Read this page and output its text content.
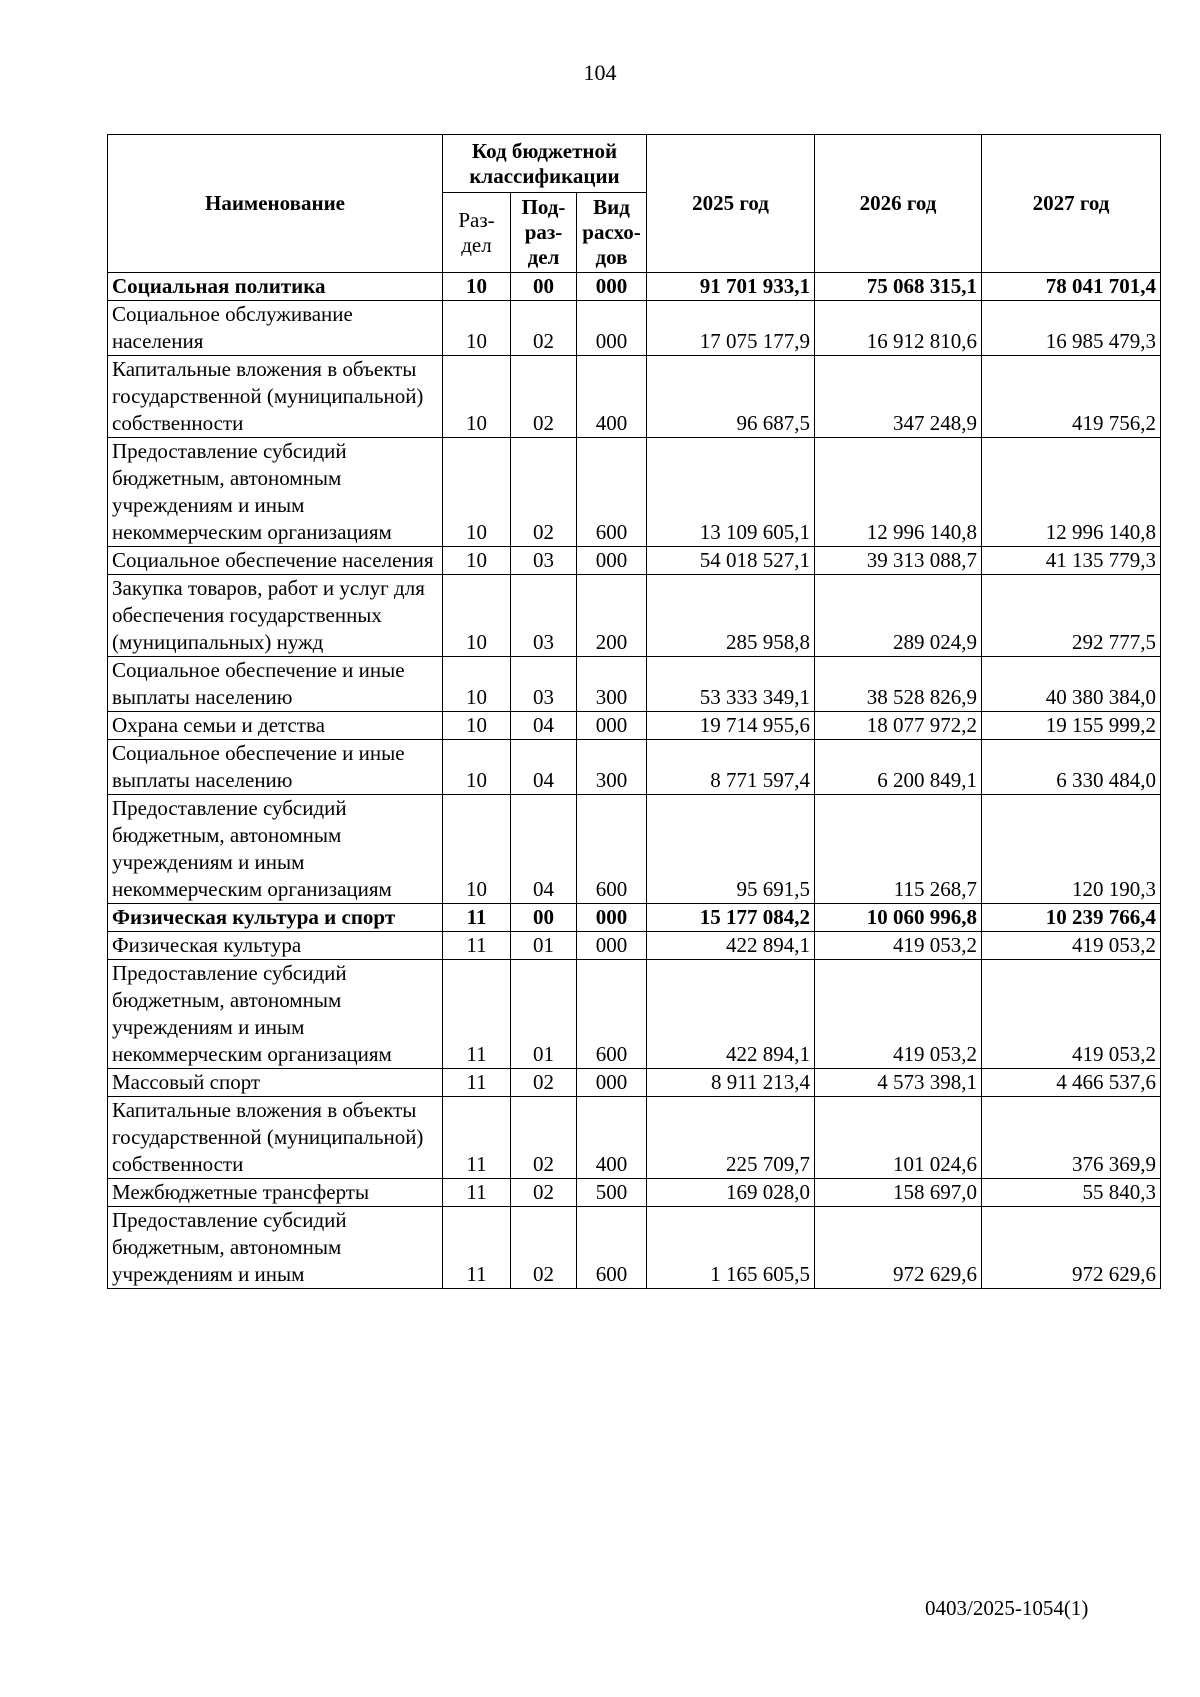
104
Наименование	Код бюджетной классификации			2025 год	2026 год	2027 год
	Раз-дел	Под-раз-дел	Вид расхо-дов			
Социальная политика	10	00	000	91 701 933,1	75 068 315,1	78 041 701,4
Социальное обслуживание населения	10	02	000	17 075 177,9	16 912 810,6	16 985 479,3
Капитальные вложения в объекты государственной (муниципальной) собственности	10	02	400	96 687,5	347 248,9	419 756,2
Предоставление субсидий бюджетным, автономным учреждениям и иным некоммерческим организациям	10	02	600	13 109 605,1	12 996 140,8	12 996 140,8
Социальное обеспечение населения	10	03	000	54 018 527,1	39 313 088,7	41 135 779,3
Закупка товаров, работ и услуг для обеспечения государственных (муниципальных) нужд	10	03	200	285 958,8	289 024,9	292 777,5
Социальное обеспечение и иные выплаты населению	10	03	300	53 333 349,1	38 528 826,9	40 380 384,0
Охрана семьи и детства	10	04	000	19 714 955,6	18 077 972,2	19 155 999,2
Социальное обеспечение и иные выплаты населению	10	04	300	8 771 597,4	6 200 849,1	6 330 484,0
Предоставление субсидий бюджетным, автономным учреждениям и иным некоммерческим организациям	10	04	600	95 691,5	115 268,7	120 190,3
Физическая культура и спорт	11	00	000	15 177 084,2	10 060 996,8	10 239 766,4
Физическая культура	11	01	000	422 894,1	419 053,2	419 053,2
Предоставление субсидий бюджетным, автономным учреждениям и иным некоммерческим организациям	11	01	600	422 894,1	419 053,2	419 053,2
Массовый спорт	11	02	000	8 911 213,4	4 573 398,1	4 466 537,6
Капитальные вложения в объекты государственной (муниципальной) собственности	11	02	400	225 709,7	101 024,6	376 369,9
Межбюджетные трансферты	11	02	500	169 028,0	158 697,0	55 840,3
Предоставление субсидий бюджетным, автономным учреждениям и иным	11	02	600	1 165 605,5	972 629,6	972 629,6
0403/2025-1054(1)
